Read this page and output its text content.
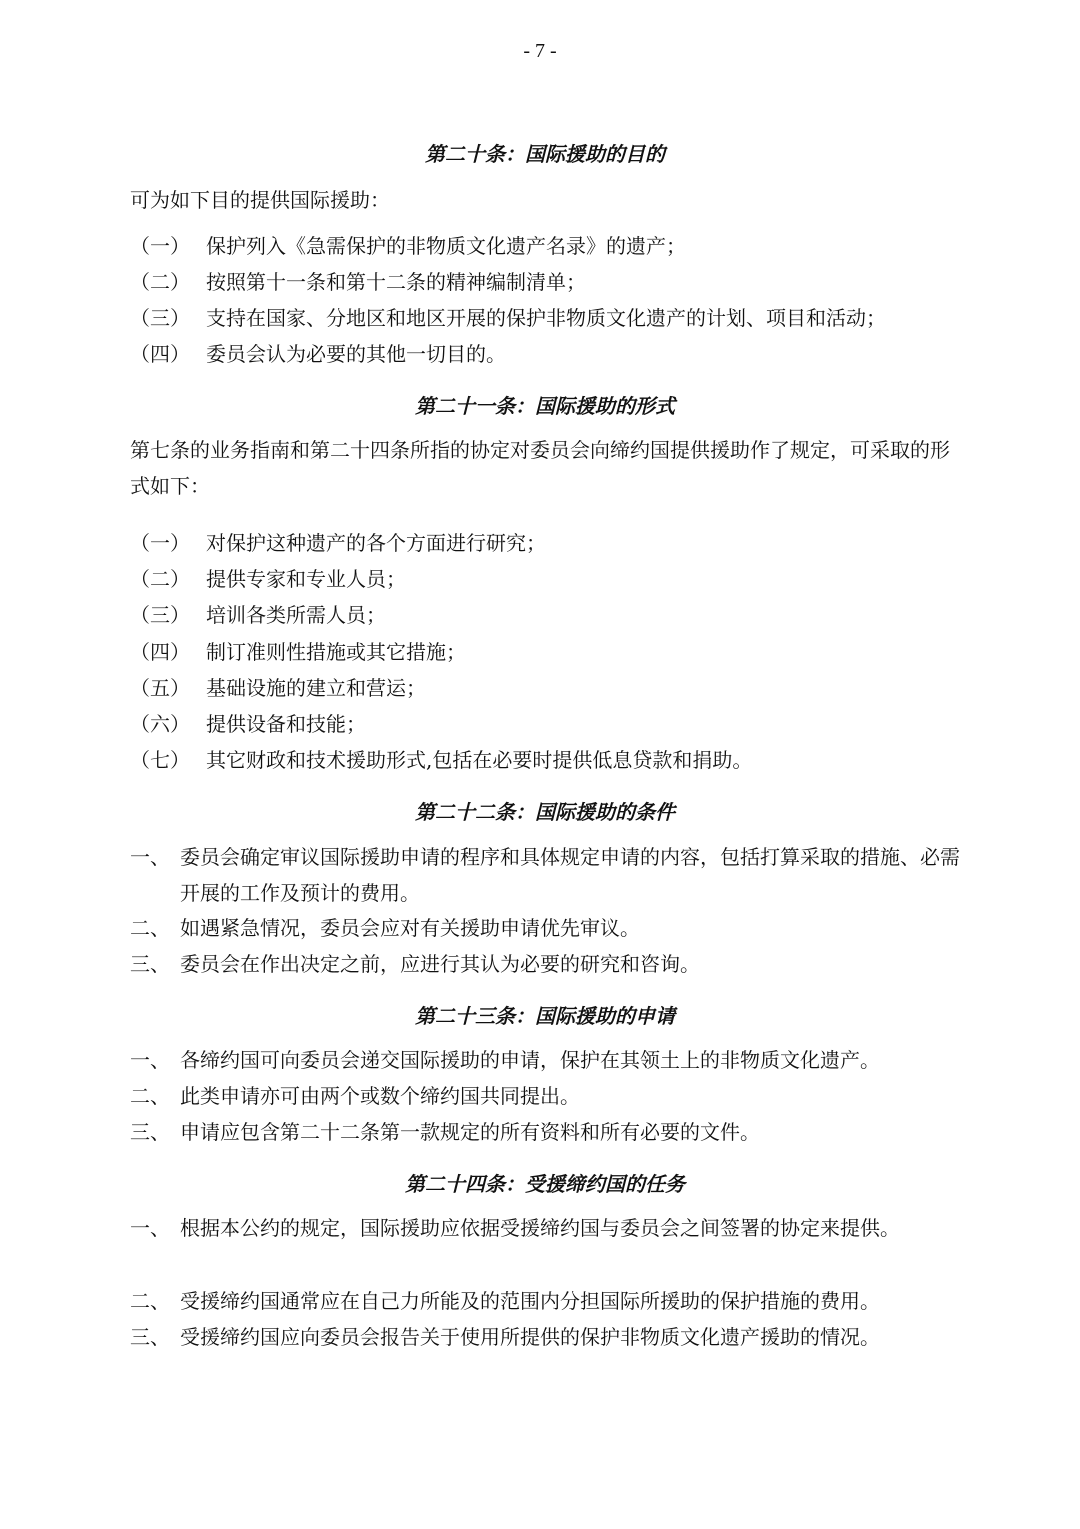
- 7 -
第二十条：国际援助的目的
可为如下目的提供国际援助：
（一） 保护列入《急需保护的非物质文化遗产名录》的遗产；
（二） 按照第十一条和第十二条的精神编制清单；
（三） 支持在国家、分地区和地区开展的保护非物质文化遗产的计划、项目和活动；
（四） 委员会认为必要的其他一切目的。
第二十一条：国际援助的形式
第七条的业务指南和第二十四条所指的协定对委员会向缔约国提供援助作了规定，可采取的形式如下：
（一） 对保护这种遗产的各个方面进行研究；
（二） 提供专家和专业人员；
（三） 培训各类所需人员；
（四） 制订准则性措施或其它措施；
（五） 基础设施的建立和营运；
（六） 提供设备和技能；
（七） 其它财政和技术援助形式,包括在必要时提供低息贷款和捐助。
第二十二条：国际援助的条件
一、 委员会确定审议国际援助申请的程序和具体规定申请的内容，包括打算采取的措施、必需开展的工作及预计的费用。
二、 如遇紧急情况，委员会应对有关援助申请优先审议。
三、 委员会在作出决定之前，应进行其认为必要的研究和咨询。
第二十三条：国际援助的申请
一、 各缔约国可向委员会递交国际援助的申请，保护在其领土上的非物质文化遗产。
二、 此类申请亦可由两个或数个缔约国共同提出。
三、 申请应包含第二十二条第一款规定的所有资料和所有必要的文件。
第二十四条：受援缔约国的任务
一、 根据本公约的规定，国际援助应依据受援缔约国与委员会之间签署的协定来提供。
二、 受援缔约国通常应在自己力所能及的范围内分担国际所援助的保护措施的费用。
三、 受援缔约国应向委员会报告关于使用所提供的保护非物质文化遗产援助的情况。
